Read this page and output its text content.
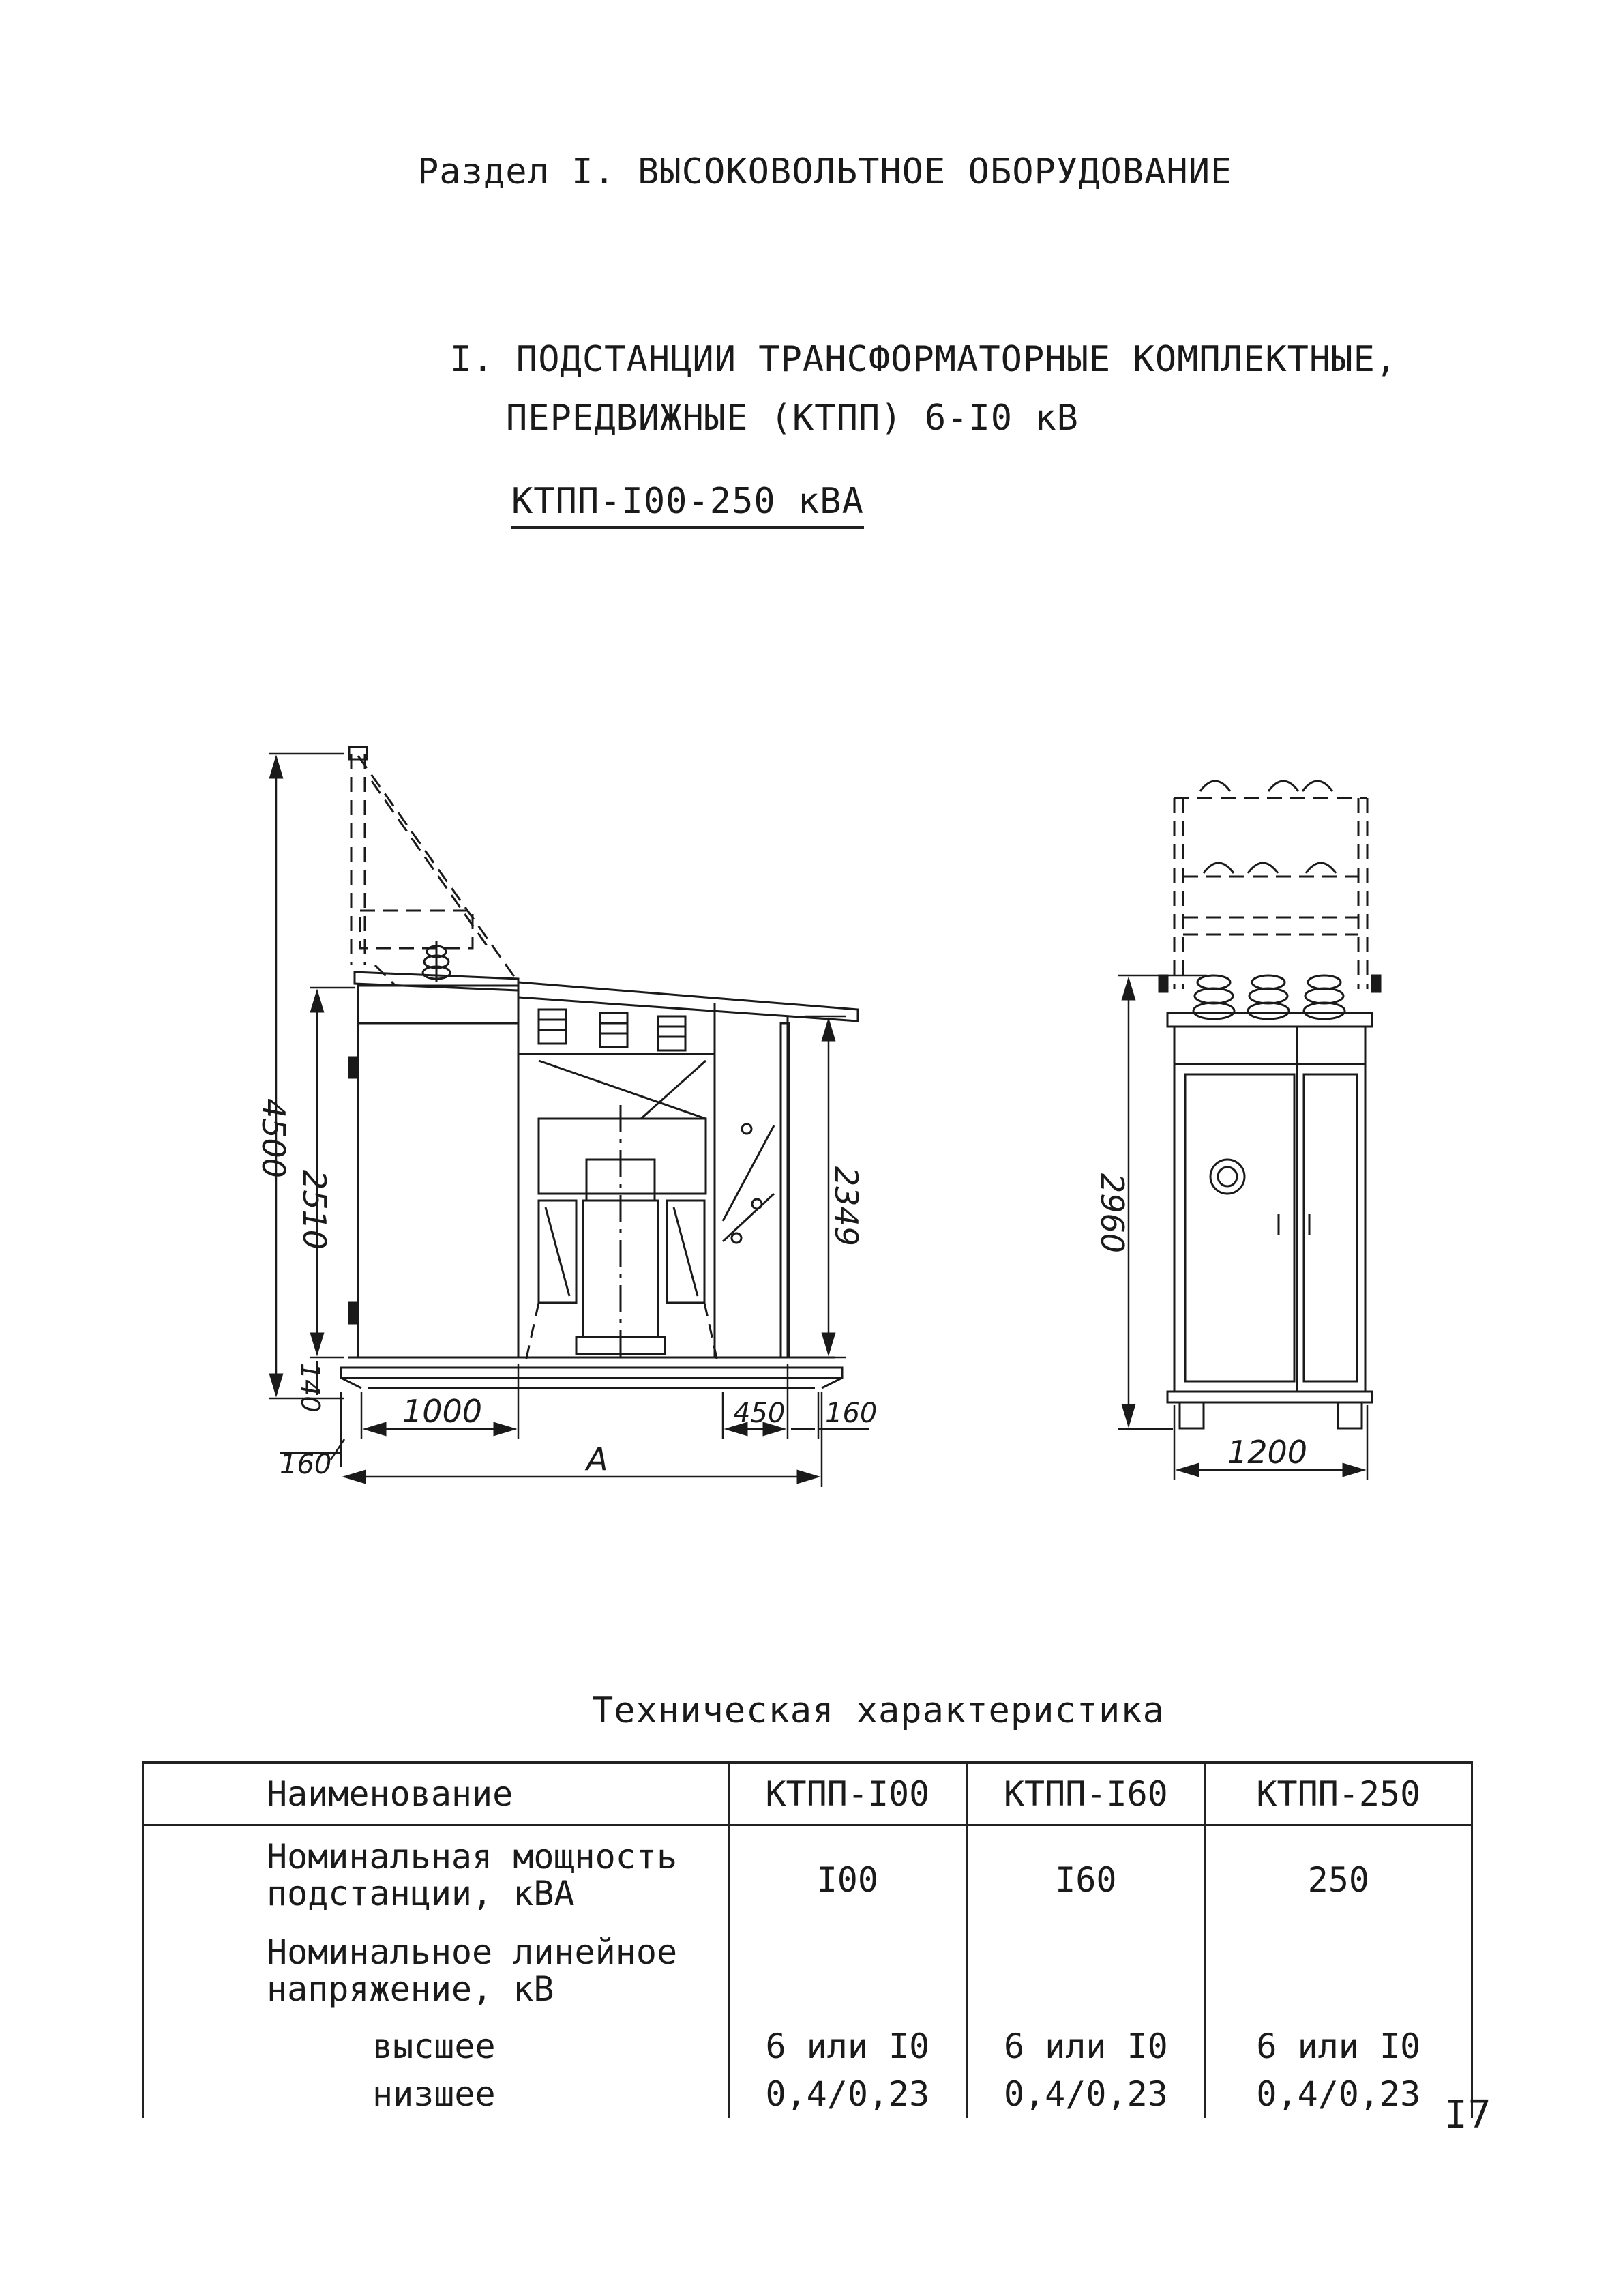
Раздел I. ВЫСОКОВОЛЬТНОЕ ОБОРУДОВАНИЕ
I. ПОДСТАНЦИИ ТРАНСФОРМАТОРНЫЕ КОМПЛЕКТНЫЕ,
ПЕРЕДВИЖНЫЕ (КТПП) 6-I0 кВ
КТПП-I00-250 кВА
4500
2510	2349
140 1000
А
450 160
160
2960
1200
Техническая характеристика
Наименование	КТПП-I00	КТПП-I60	КТПП-250

Номинальная мощность
подстанции, кВА	I00	I60	250

Номинальное линейное
напряжение, кВ			

высшее	6 или I0	6 или I0	6 или I0
низшее	0,4/0,23	0,4/0,23	0,4/0,23 I7
